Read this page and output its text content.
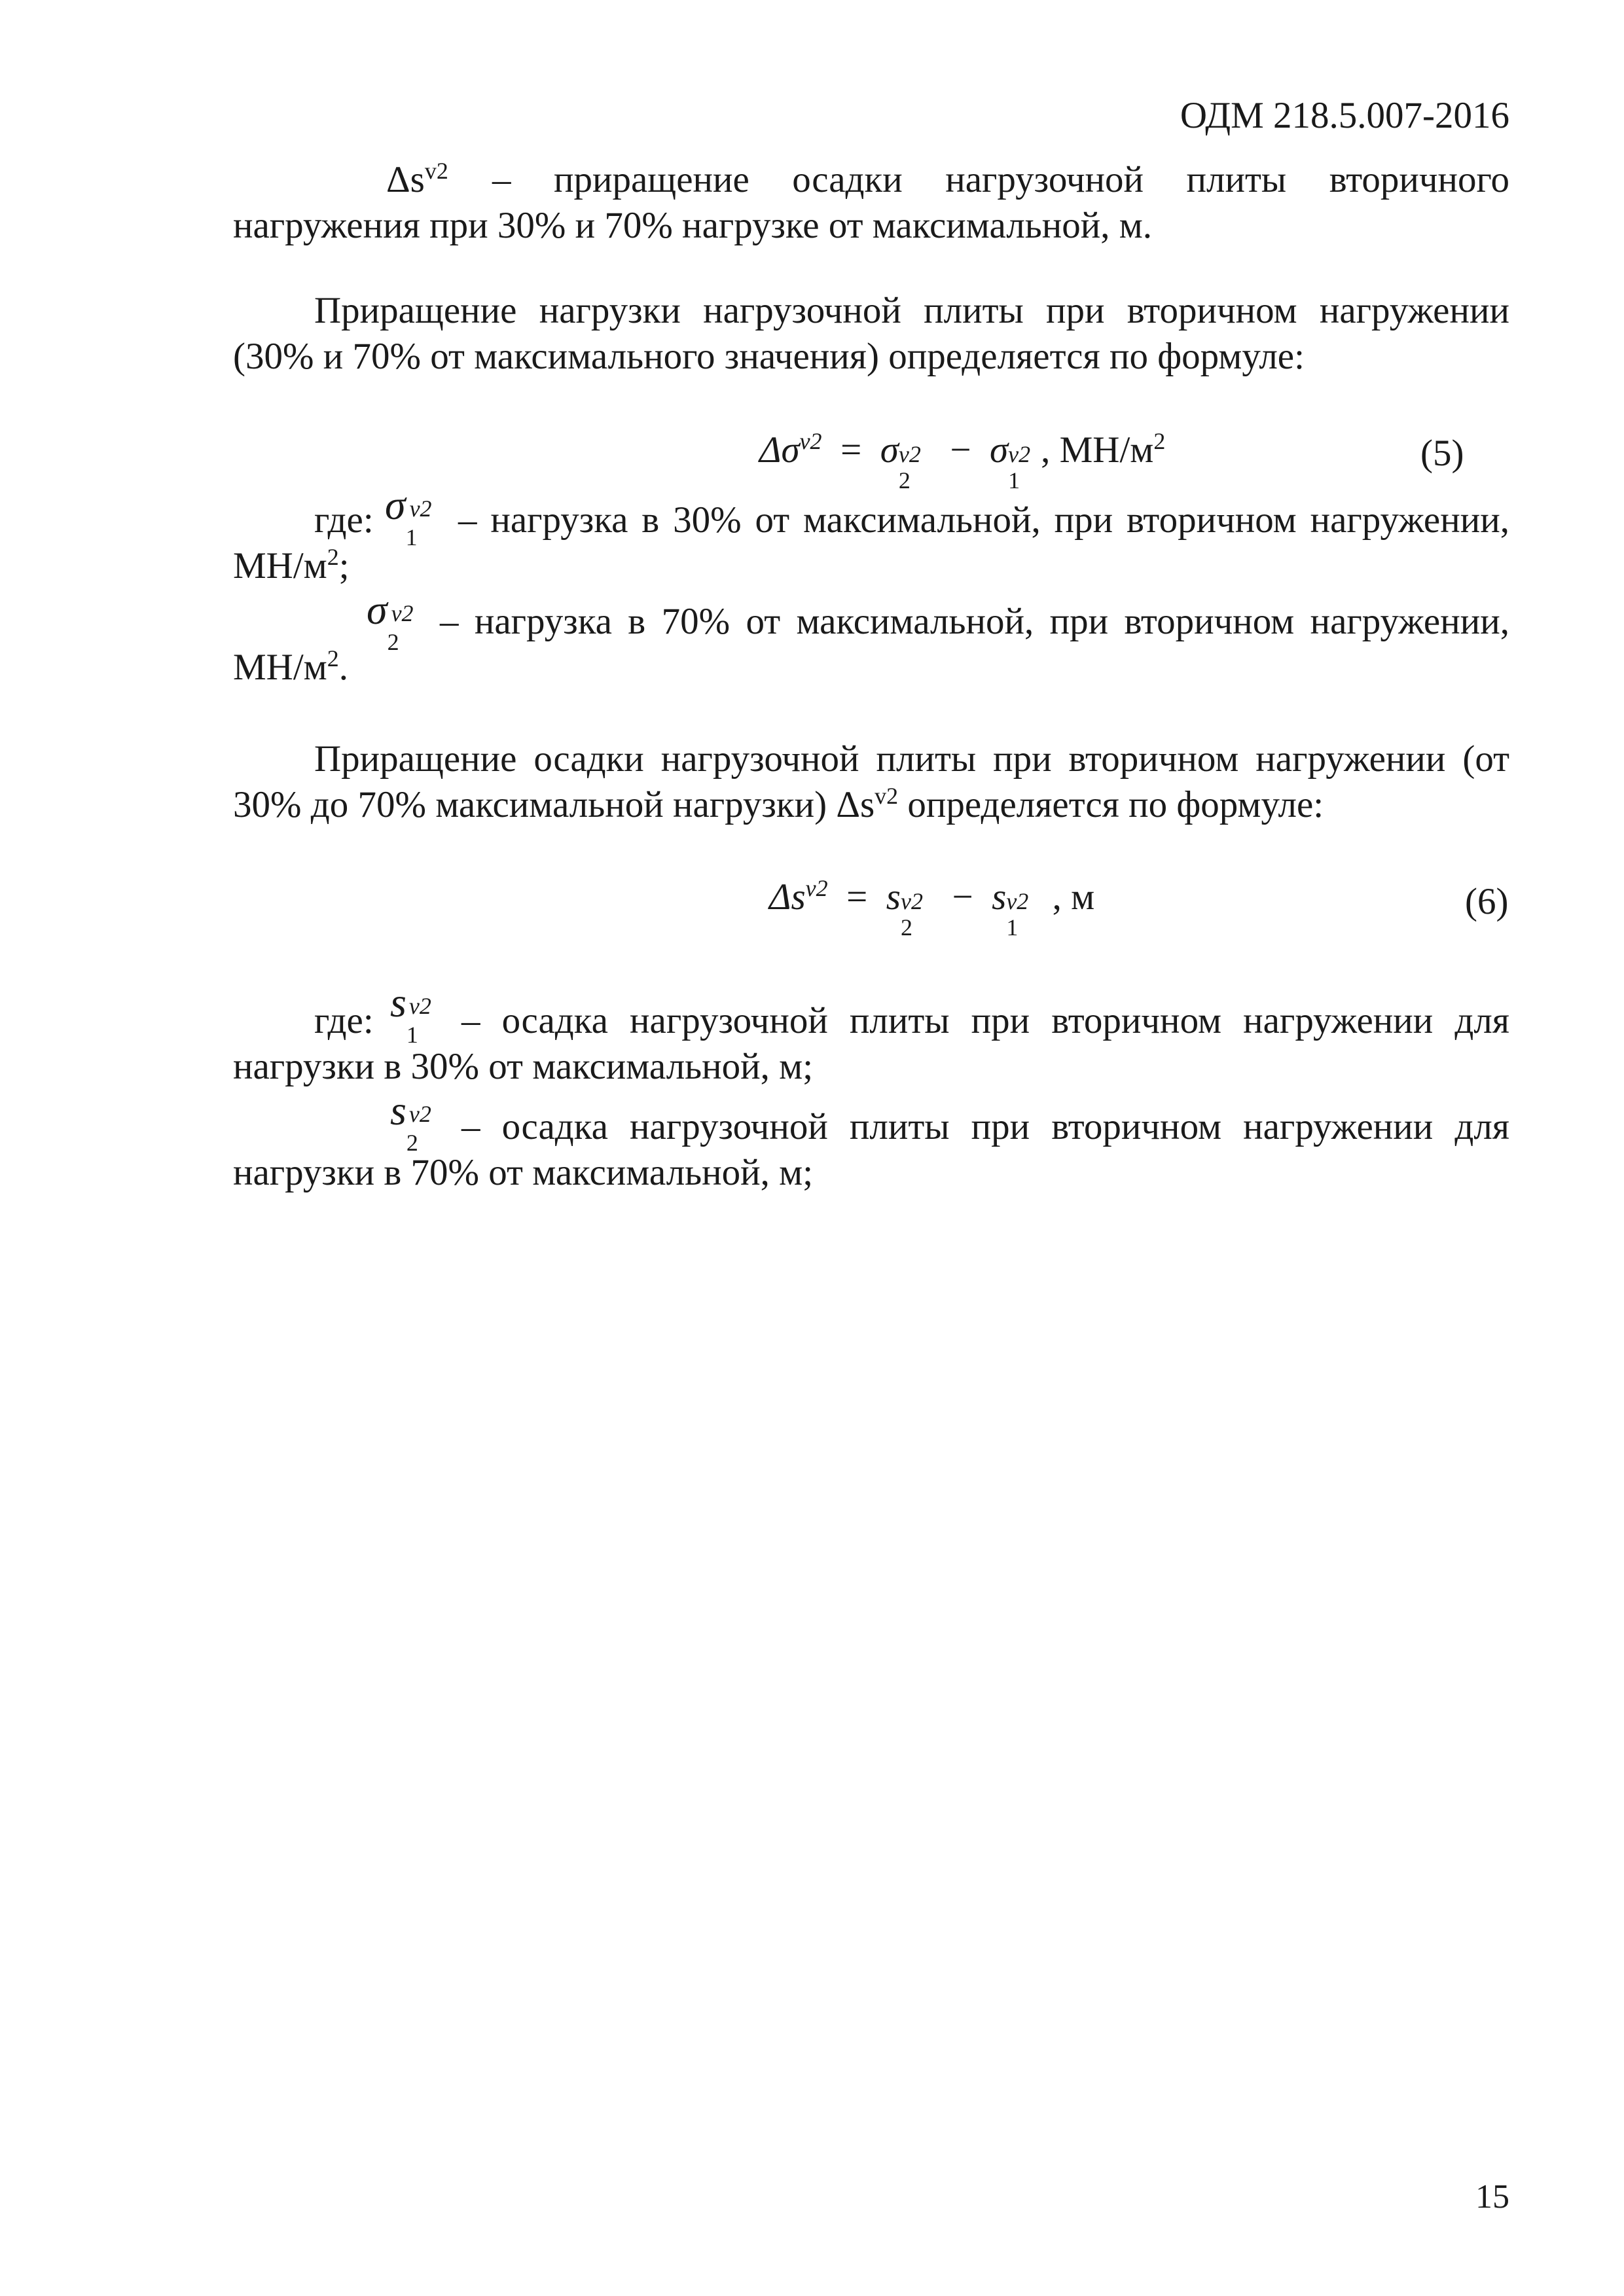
ОДМ 218.5.007-2016
$\Delta s^{v2}$ – приращение осадки нагрузочной плиты вторичного
нагружения при 30% и 70% нагрузке от максимальной, м.
Приращение нагрузки нагрузочной плиты при вторичном нагружении
(30% и 70% от максимального значения) определяется по формуле:
$\Delta\sigma^{v2} = \sigma$ v2
2
− σ v2
1
, $МН/м^2$	(5)
где: σ v2
1 – нагрузка в 30% от максимальной, при вторичном нагружении,
$МН/м^2$;
σ v2
2 – нагрузка в 70% от максимальной, при вторичном нагружении,
$МН/м^2$.
Приращение осадки нагрузочной плиты при вторичном нагружении (от
30% до 70% максимальной нагрузки) $\Delta s^{v2}$ определяется по формуле:
$\Delta s^{v2} = s$ v2
2
− s v2
1
, м	(6)
где: s v2
1 – осадка нагрузочной плиты при вторичном нагружении для
нагрузки в 30% от максимальной, м;
s v2
2 – осадка нагрузочной плиты при вторичном нагружении для
нагрузки в 70% от максимальной, м;
15
